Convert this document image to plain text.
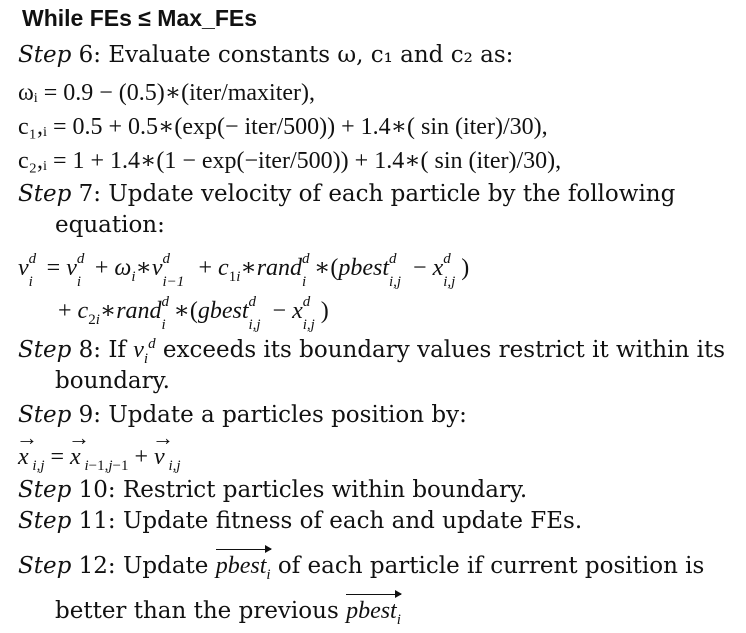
While FEs ≤ Max_FEs
Step 6: Evaluate constants ω, c₁ and c₂ as:
ωᵢ = 0.9 − (0.5)∗(iter/maxiter),
c₁,ᵢ = 0.5 + 0.5∗(exp(− iter/500)) + 1.4∗( sin (iter)/30),
c₂,ᵢ = 1 + 1.4∗(1 − exp(−iter/500)) + 1.4∗( sin (iter)/30),
Step 7: Update velocity of each particle by the following
equation:
v d
i
= v d
i
+ $\omega_i∗v$ d
i−1
+ $c_{1i}∗rand$ d
i
∗(pbest d
i,j
− x d
i,j
)
+ $c_{2i}∗rand$ d
i
∗(gbest d
i,j
− x d
i,j
)
Step 8: If $v_i^d$ exceeds its boundary values restrict it within its
boundary.
Step 9: Update a particles position by:
→ x $_{i,j}$ = → x $_{i-1,j-1}$ + → v $_{i,j}$
Step 10: Restrict particles within boundary.
Step 11: Update fitness of each and update FEs.
Step 12: Update pbest$_i$ of each particle if current position is
better than the previous pbest$_i$
